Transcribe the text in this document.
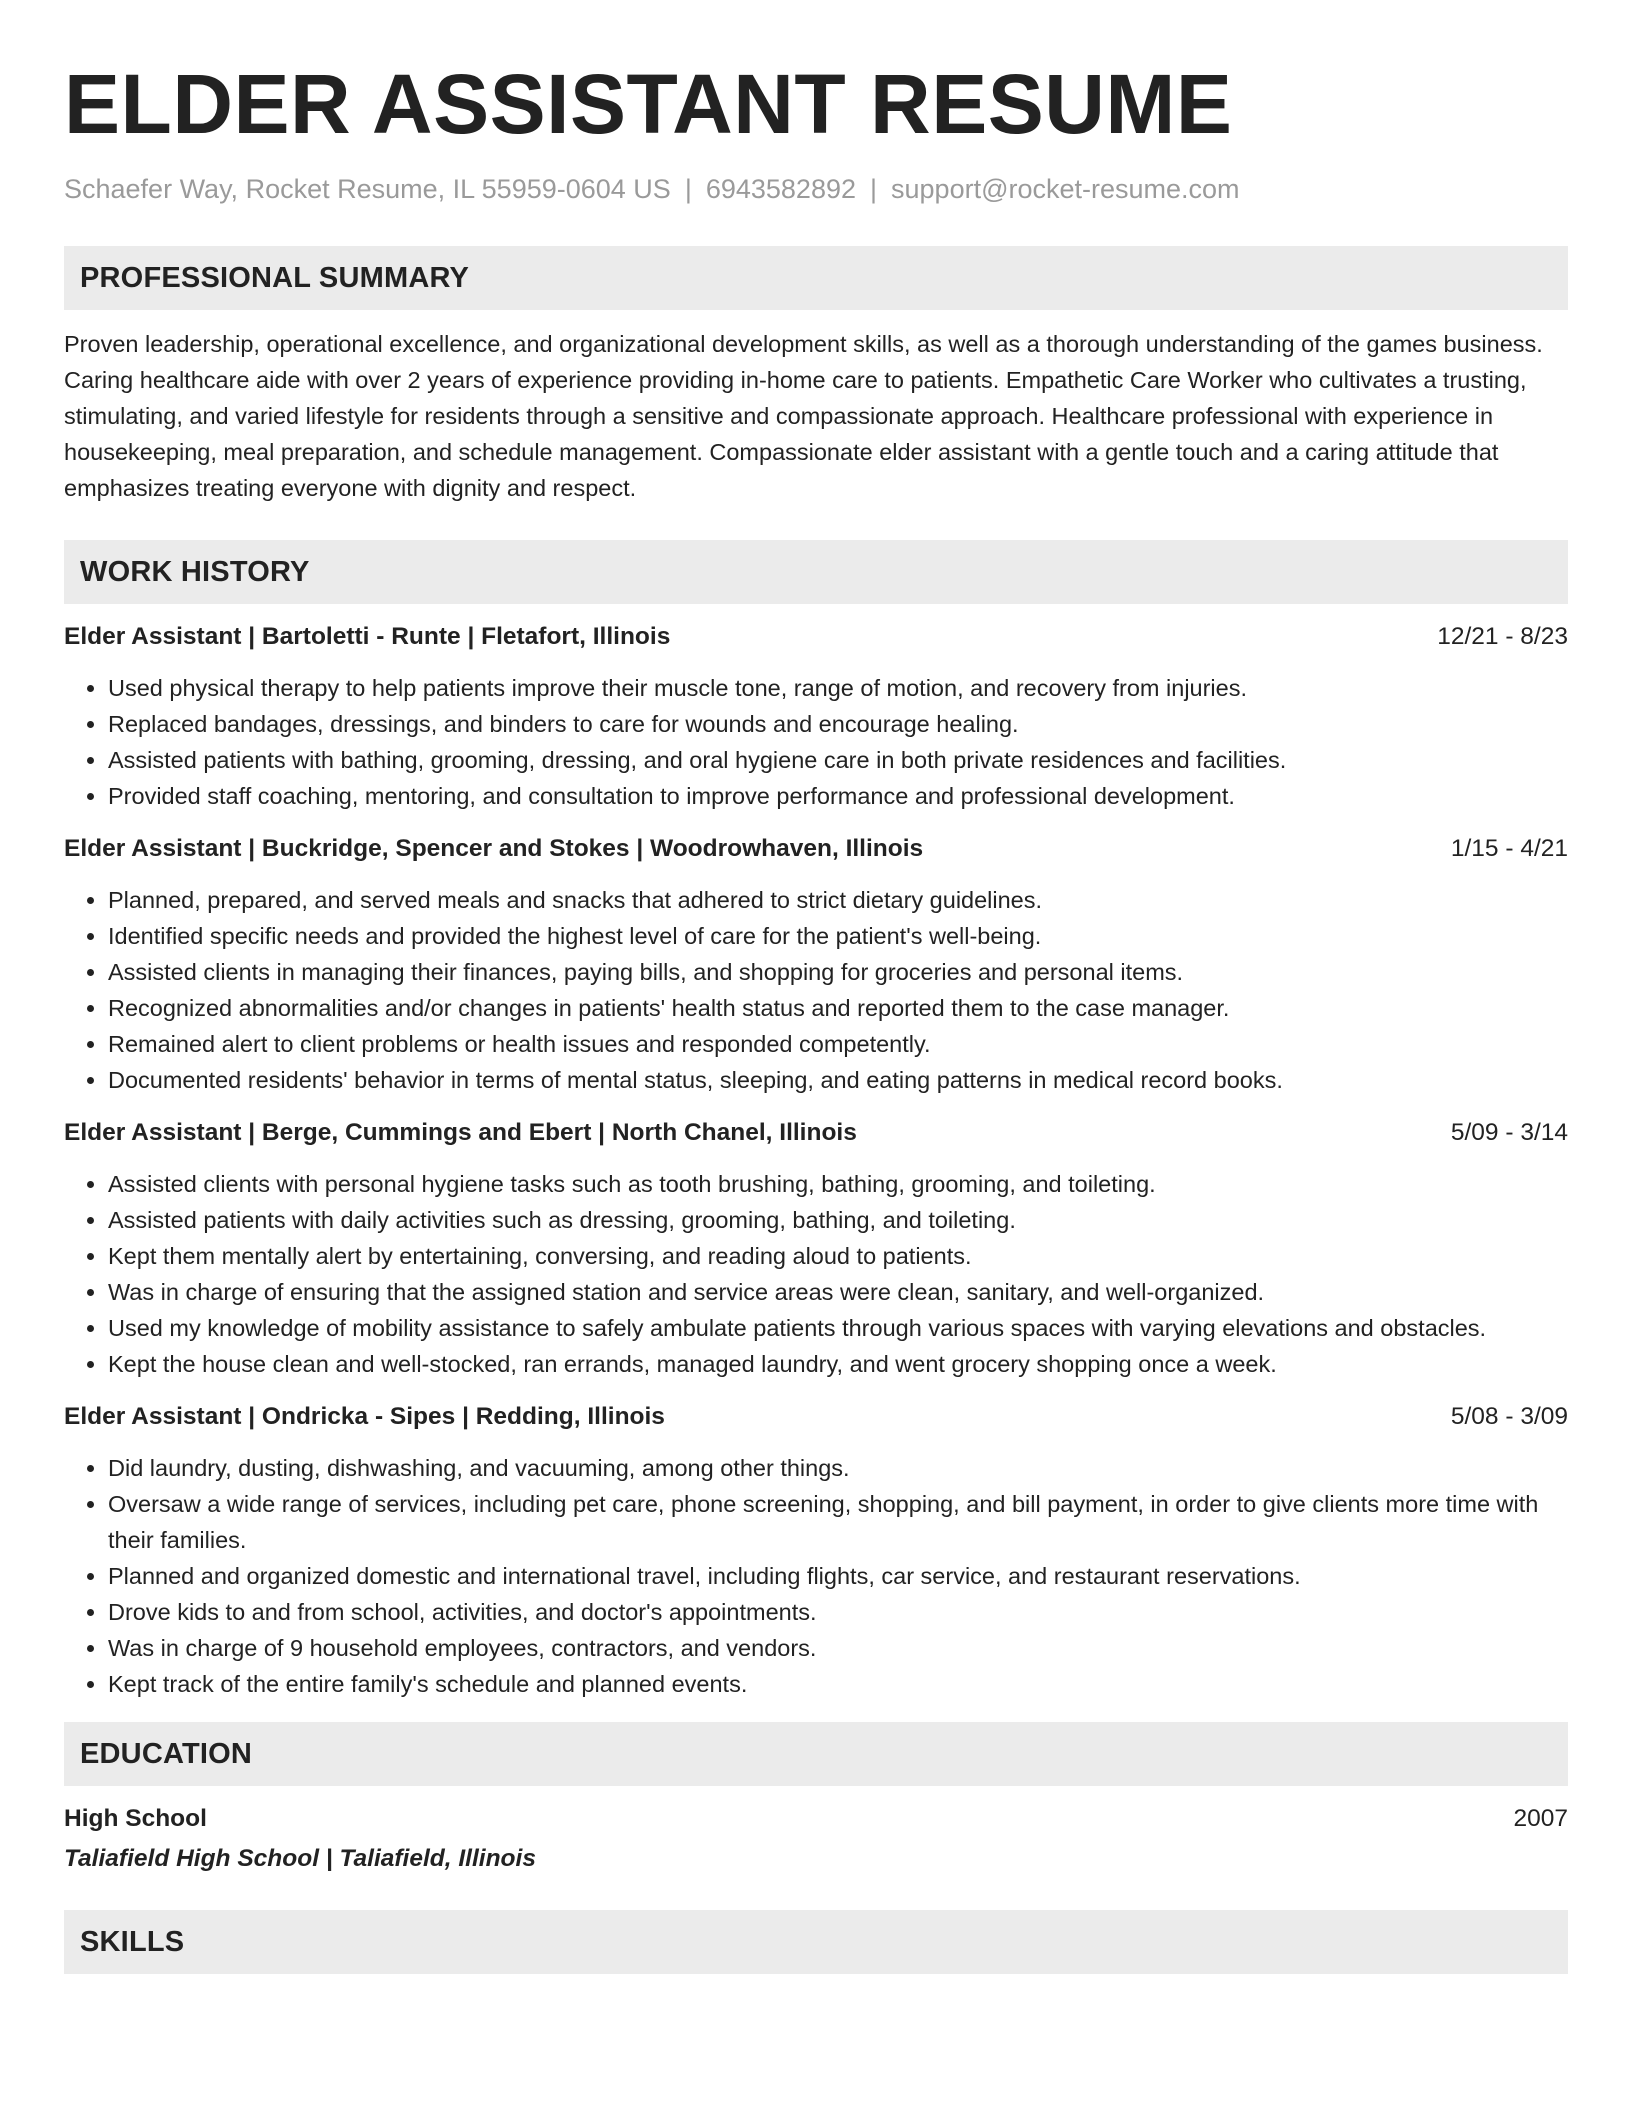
ELDER ASSISTANT RESUME
Schaefer Way, Rocket Resume, IL 55959-0604 US | 6943582892 | support@rocket-resume.com
PROFESSIONAL SUMMARY

Proven leadership, operational excellence, and organizational development skills, as well as a thorough understanding of the games business. Caring healthcare aide with over 2 years of experience providing in-home care to patients. Empathetic Care Worker who cultivates a trusting, stimulating, and varied lifestyle for residents through a sensitive and compassionate approach. Healthcare professional with experience in housekeeping, meal preparation, and schedule management. Compassionate elder assistant with a gentle touch and a caring attitude that emphasizes treating everyone with dignity and respect.

WORK HISTORY
Elder Assistant | Bartoletti - Runte | Fletafort, Illinois	12/21 - 8/23
• Used physical therapy to help patients improve their muscle tone, range of motion, and recovery from injuries.
• Replaced bandages, dressings, and binders to care for wounds and encourage healing.
• Assisted patients with bathing, grooming, dressing, and oral hygiene care in both private residences and facilities.
• Provided staff coaching, mentoring, and consultation to improve performance and professional development.
Elder Assistant | Buckridge, Spencer and Stokes | Woodrowhaven, Illinois	1/15 - 4/21
• Planned, prepared, and served meals and snacks that adhered to strict dietary guidelines.
• Identified specific needs and provided the highest level of care for the patient's well-being.
• Assisted clients in managing their finances, paying bills, and shopping for groceries and personal items.
• Recognized abnormalities and/or changes in patients' health status and reported them to the case manager.
• Remained alert to client problems or health issues and responded competently.
• Documented residents' behavior in terms of mental status, sleeping, and eating patterns in medical record books.
Elder Assistant | Berge, Cummings and Ebert | North Chanel, Illinois	5/09 - 3/14
• Assisted clients with personal hygiene tasks such as tooth brushing, bathing, grooming, and toileting.
• Assisted patients with daily activities such as dressing, grooming, bathing, and toileting.
• Kept them mentally alert by entertaining, conversing, and reading aloud to patients.
• Was in charge of ensuring that the assigned station and service areas were clean, sanitary, and well-organized.
• Used my knowledge of mobility assistance to safely ambulate patients through various spaces with varying elevations and obstacles.
• Kept the house clean and well-stocked, ran errands, managed laundry, and went grocery shopping once a week.
Elder Assistant | Ondricka - Sipes | Redding, Illinois	5/08 - 3/09
• Did laundry, dusting, dishwashing, and vacuuming, among other things.
• Oversaw a wide range of services, including pet care, phone screening, shopping, and bill payment, in order to give clients more time with their families.
• Planned and organized domestic and international travel, including flights, car service, and restaurant reservations.
• Drove kids to and from school, activities, and doctor's appointments.
• Was in charge of 9 household employees, contractors, and vendors.
• Kept track of the entire family's schedule and planned events.
EDUCATION
High School	2007
Taliafield High School | Taliafield, Illinois
SKILLS
